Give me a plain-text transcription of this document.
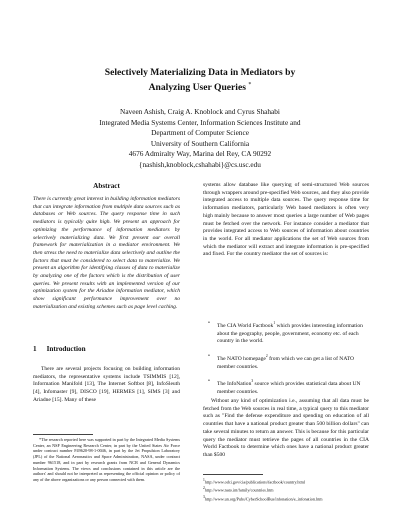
Selectively Materializing Data in Mediators by
Analyzing User Queries *
Naveen Ashish, Craig A. Knoblock and Cyrus Shahabi
Integrated Media Systems Center, Information Sciences Institute and
Department of Computer Science
University of Southern California
4676 Admiralty Way, Marina del Rey, CA 90292
{nashish,knoblock,cshahabi}@cs.usc.edu
Abstract
There is currently great interest in building information mediators that can integrate information from multiple data sources such as databases or Web sources. The query response time in such mediators is typically quite high. We present an approach for optimizing the performance of information mediators by selectively materializing data. We first present our overall framework for materialization in a mediator environment. We then stress the need to materialize data selectively and outline the factors that must be considered to select data to materialize. We present an algorithm for identifying classes of data to materialize by analyzing one of the factors which is the distribution of user queries. We present results with an implemented version of our optimization system for the Ariadne information mediator, which show significant performance improvement over no materialization and existing schemes such as page level caching.
1 Introduction
There are several projects focusing on building information mediators, the representative systems include TSIMMIS [12], Information Manifold [13], The Internet Softbot [8], InfoSleuth [4], Infomaster [9], DISCO [19], HERMES [1], SIMS [3] and Ariadne [15]. Many of these
*The research reported here was supported in part by the Integrated Media Systems Center, an NSF Engineering Research Center, in part by the United States Air Force under contract number F49620-98-1-0046, in part by the Jet Propulsion Laboratory (JPL) of the National Aeronautics and Space Administration, NASA, under contract number 961518, and in part by research grants from NCR and General Dynamics Information Systems. The views and conclusions contained in this article are the authors' and should not be interpreted as representing the official opinion or policy of any of the above organizations or any person connected with them.
systems allow database like querying of semi-structured Web sources through wrappers around pre-specified Web sources, and they also provide integrated access to multiple data sources. The query response time for information mediators, particularly Web based mediators is often very high mainly because to answer most queries a large number of Web pages must be fetched over the network. For instance consider a mediator that provides integrated access to Web sources of information about countries in the world. For all mediator applications the set of Web sources from which the mediator will extract and integrate information is pre-specified and fixed. For the country mediator the set of sources is:
• The CIA World Factbook$^1$ which provides interesting information about the geography, people, government, economy etc. of each country in the world.
• The NATO homepage$^2$ from which we can get a list of NATO member countries.
• The InfoNation$^3$ source which provides statistical data about UN member countries.
Without any kind of optimization i.e., assuming that all data must be fetched from the Web sources in real time, a typical query to this mediator such as "Find the defense expenditure and spending on education of all countries that have a national product greater than 500 billion dollars" can take several minutes to return an answer. This is because for this particular query the mediator must retrieve the pages of all countries in the CIA World Factbook to determine which ones have a national product greater than $500
1http://www.odci.gov/cia/publications/factbook/country.html
2http://www.nato.int/family/countries.htm
3http://www.un.org/Pubs/CyberSchoolBus/infonation/e_infonation.htm
